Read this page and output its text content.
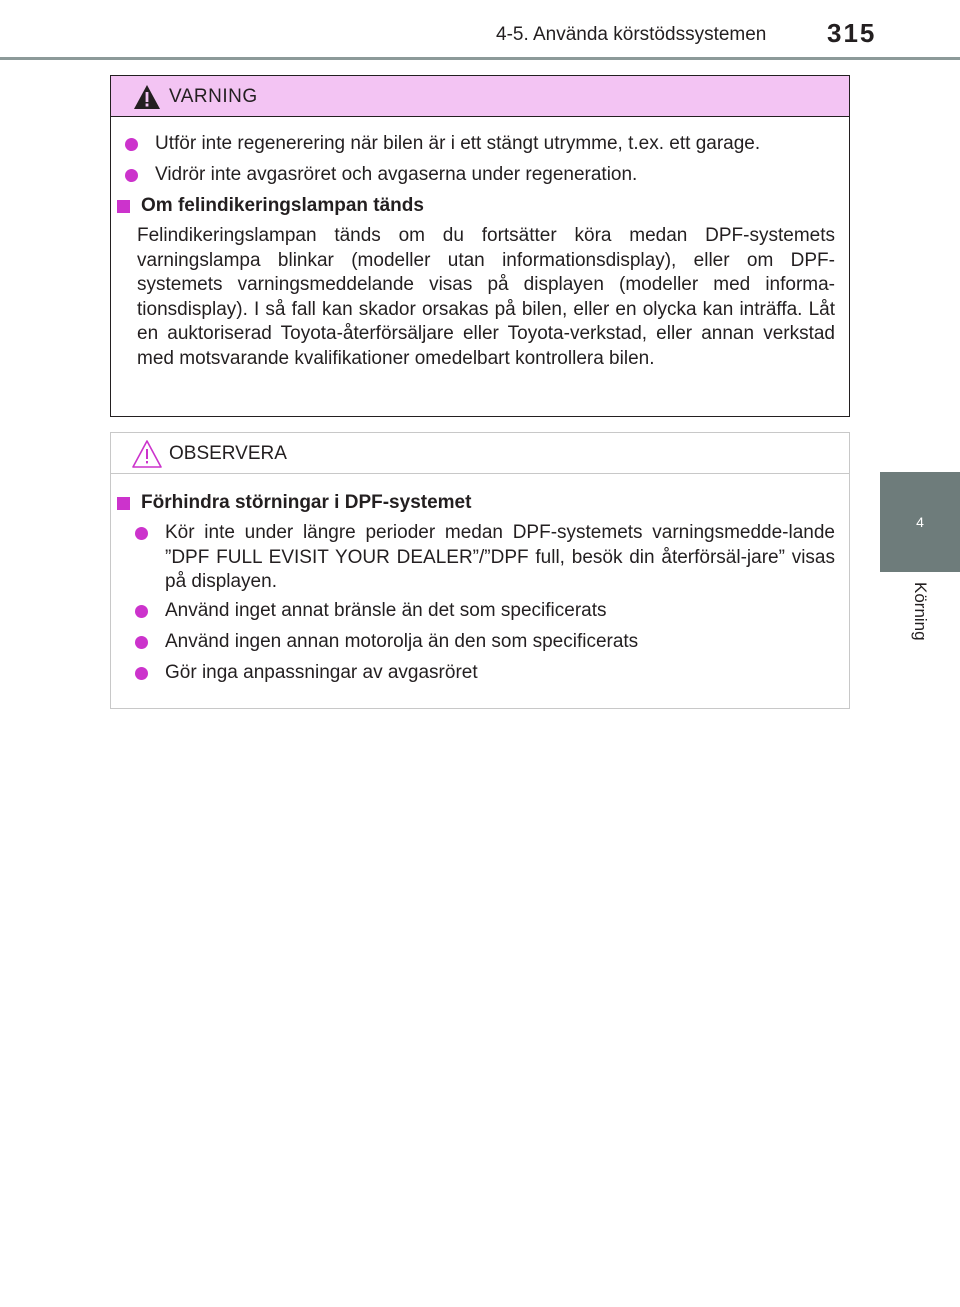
4-5. Använda körstödssystemen 315
4
Körning
VARNING
Utför inte regenerering när bilen är i ett stängt utrymme, t.ex. ett garage.
Vidrör inte avgasröret och avgaserna under regeneration.
Om felindikeringslampan tänds
Felindikeringslampan tänds om du fortsätter köra medan DPF-systemets varningslampa blinkar (modeller utan informationsdisplay), eller om DPF-systemets varningsmeddelande visas på displayen (modeller med informa-tionsdisplay). I så fall kan skador orsakas på bilen, eller en olycka kan inträffa. Låt en auktoriserad Toyota-återförsäljare eller Toyota-verkstad, eller annan verkstad med motsvarande kvalifikationer omedelbart kontrollera bilen.
OBSERVERA
Förhindra störningar i DPF-systemet
Kör inte under längre perioder medan DPF-systemets varningsmedde-lande ”DPF FULL EVISIT YOUR DEALER”/”DPF full, besök din återförsäl-jare” visas på displayen.
Använd inget annat bränsle än det som specificerats
Använd ingen annan motorolja än den som specificerats
Gör inga anpassningar av avgasröret
